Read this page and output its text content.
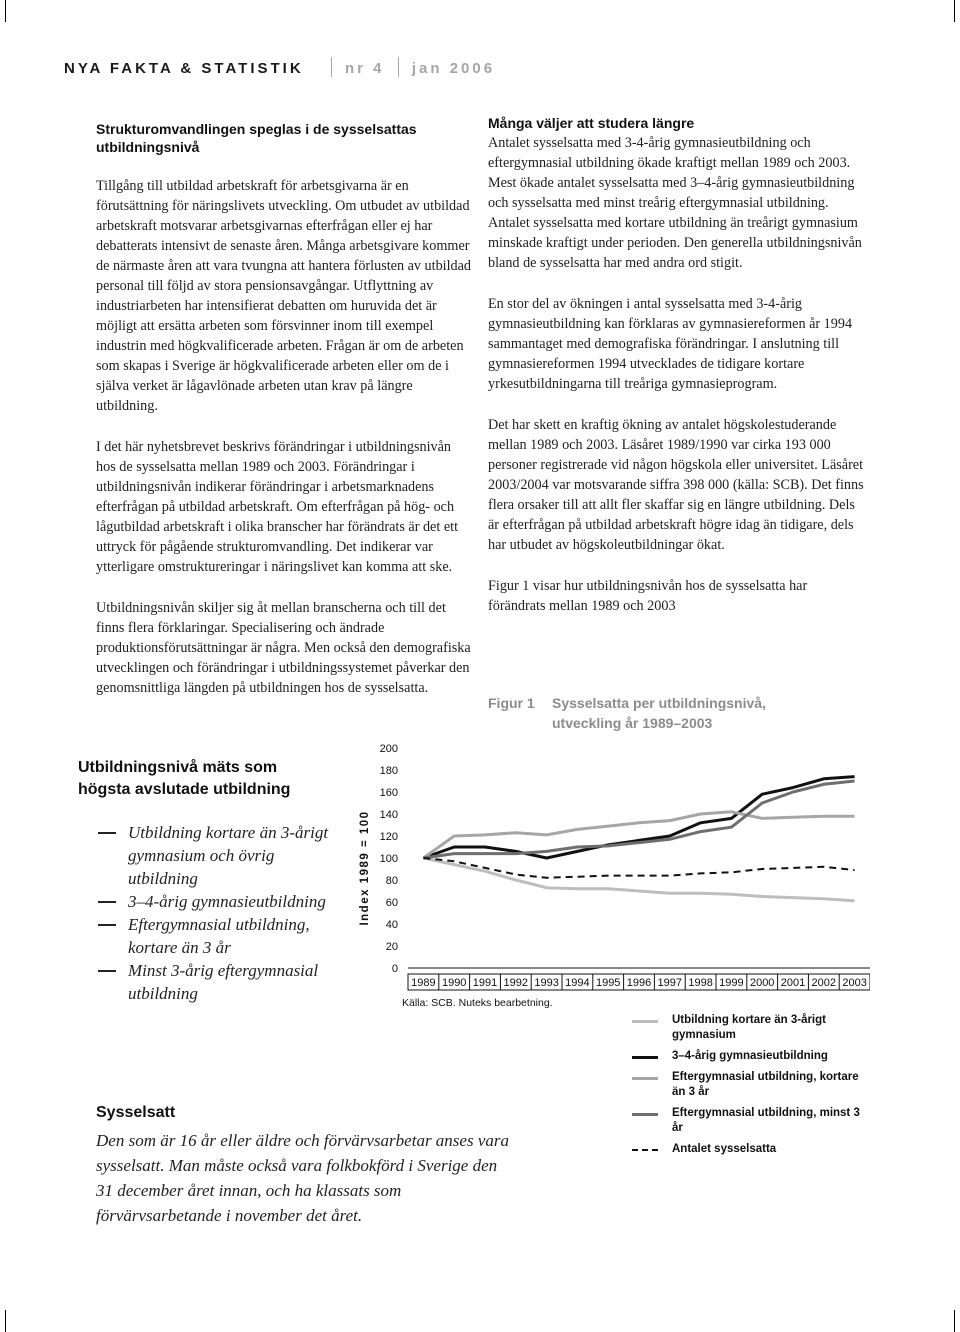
NYA FAKTA & STATISTIK	nr 4 jan 2006
Strukturomvandlingen speglas i de sysselsattas utbildningsnivå

Tillgång till utbildad arbetskraft för arbetsgivarna är en förutsättning för näringslivets utveckling. Om utbudet av utbildad arbetskraft motsvarar arbetsgivarnas efterfrågan eller ej har debatterats intensivt de senaste åren. Många arbetsgivare kommer de närmaste åren att vara tvungna att hantera förlusten av utbildad personal till följd av stora pensionsavgångar. Utflyttning av industriarbeten har intensifierat debatten om huruvida det är möjligt att ersätta arbeten som försvinner inom till exempel industrin med högkvalificerade arbeten. Frågan är om de arbeten som skapas i Sverige är högkvalificerade arbeten eller om de i själva verket är lågavlönade arbeten utan krav på längre utbildning.

I det här nyhetsbrevet beskrivs förändringar i utbildningsnivån hos de sysselsatta mellan 1989 och 2003. Förändringar i utbildningsnivån indikerar förändringar i arbetsmarknadens efterfrågan på utbildad arbetskraft. Om efterfrågan på hög- och lågutbildad arbetskraft i olika branscher har förändrats är det ett uttryck för pågående strukturomvandling. Det indikerar var ytterligare omstruktureringar i näringslivet kan komma att ske.

Utbildningsnivån skiljer sig åt mellan branscherna och till det finns flera förklaringar. Specialisering och ändrade produktionsförutsättningar är några. Men också den demografiska utvecklingen och förändringar i utbildningssystemet påverkar den genomsnittliga längden på utbildningen hos de sysselsatta.

Många väljer att studera längre

Antalet sysselsatta med 3-4-årig gymnasieutbildning och eftergymnasial utbildning ökade kraftigt mellan 1989 och 2003. Mest ökade antalet sysselsatta med 3–4-årig gymnasieutbildning och sysselsatta med minst treårig eftergymnasial utbildning. Antalet sysselsatta med kortare utbildning än treårigt gymnasium minskade kraftigt under perioden. Den generella utbildningsnivån bland de sysselsatta har med andra ord stigit.

En stor del av ökningen i antal sysselsatta med 3-4-årig gymnasieutbildning kan förklaras av gymnasiereformen år 1994 sammantaget med demografiska förändringar. I anslutning till gymnasiereformen 1994 utvecklades de tidigare kortare yrkesutbildningarna till treåriga gymnasieprogram.

Det har skett en kraftig ökning av antalet högskolestuderande mellan 1989 och 2003. Läsåret 1989/1990 var cirka 193 000 personer registrerade vid någon högskola eller universitet. Läsåret 2003/2004 var motsvarande siffra 398 000 (källa: SCB). Det finns flera orsaker till att allt fler skaffar sig en längre utbildning. Dels är efterfrågan på utbildad arbetskraft högre idag än tidigare, dels har utbudet av högskoleutbildningar ökat.

Figur 1 visar hur utbildningsnivån hos de sysselsatta har förändrats mellan 1989 och 2003

Figur 1 Sysselsatta per utbildningsnivå, utveckling år 1989–2003
Utbildningsnivå mäts som högsta avslutade utbildning
Utbildning kortare än 3-årigt gymnasium och övrig utbildning
3–4-årig gymnasieutbildning
Eftergymnasial utbildning, kortare än 3 år
Minst 3-årig eftergymnasial utbildning
Sysselsatt
Den som är 16 år eller äldre och förvärvsarbetar anses vara sysselsatt. Man måste också vara folkbokförd i Sverige den 31 december året innan, och ha klassats som förvärvsarbetande i november det året.
0
20
40
60
80
100
120
140
160
180
200
Index 1989 = 100
1989 1990 1991 1992 1993 1994 1995 1996 1997 1998 1999 2000 2001 2002 2003
Källa: SCB. Nuteks bearbetning.
Utbildning kortare än 3-årigt gymnasium
3–4-årig gymnasieutbildning
Eftergymnasial utbildning, kortare än 3 år
Eftergymnasial utbildning, minst 3 år
Antalet sysselsatta
